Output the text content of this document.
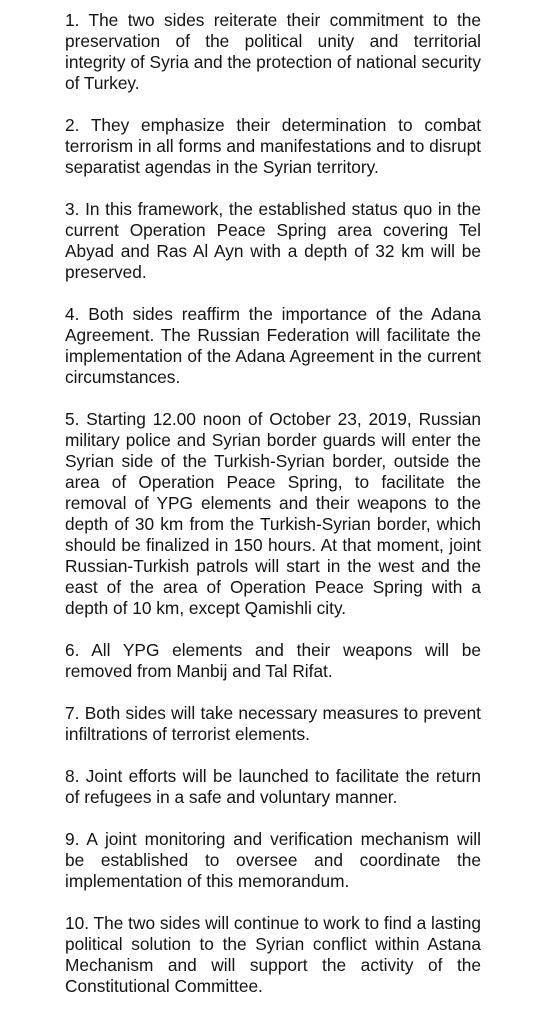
1. The two sides reiterate their commitment to the preservation of the political unity and territorial integrity of Syria and the protection of national security of Turkey.

2. They emphasize their determination to combat terrorism in all forms and manifestations and to disrupt separatist agendas in the Syrian territory.

3. In this framework, the established status quo in the current Operation Peace Spring area covering Tel Abyad and Ras Al Ayn with a depth of 32 km will be preserved.

4. Both sides reaffirm the importance of the Adana Agreement. The Russian Federation will facilitate the implementation of the Adana Agreement in the current circumstances.

5. Starting 12.00 noon of October 23, 2019, Russian military police and Syrian border guards will enter the Syrian side of the Turkish-Syrian border, outside the area of Operation Peace Spring, to facilitate the removal of YPG elements and their weapons to the depth of 30 km from the Turkish-Syrian border, which should be finalized in 150 hours. At that moment, joint Russian-Turkish patrols will start in the west and the east of the area of Operation Peace Spring with a depth of 10 km, except Qamishli city.

6. All YPG elements and their weapons will be removed from Manbij and Tal Rifat.

7. Both sides will take necessary measures to prevent infiltrations of terrorist elements.

8. Joint efforts will be launched to facilitate the return of refugees in a safe and voluntary manner.

9. A joint monitoring and verification mechanism will be established to oversee and coordinate the implementation of this memorandum.

10. The two sides will continue to work to find a lasting political solution to the Syrian conflict within Astana Mechanism and will support the activity of the Constitutional Committee.
